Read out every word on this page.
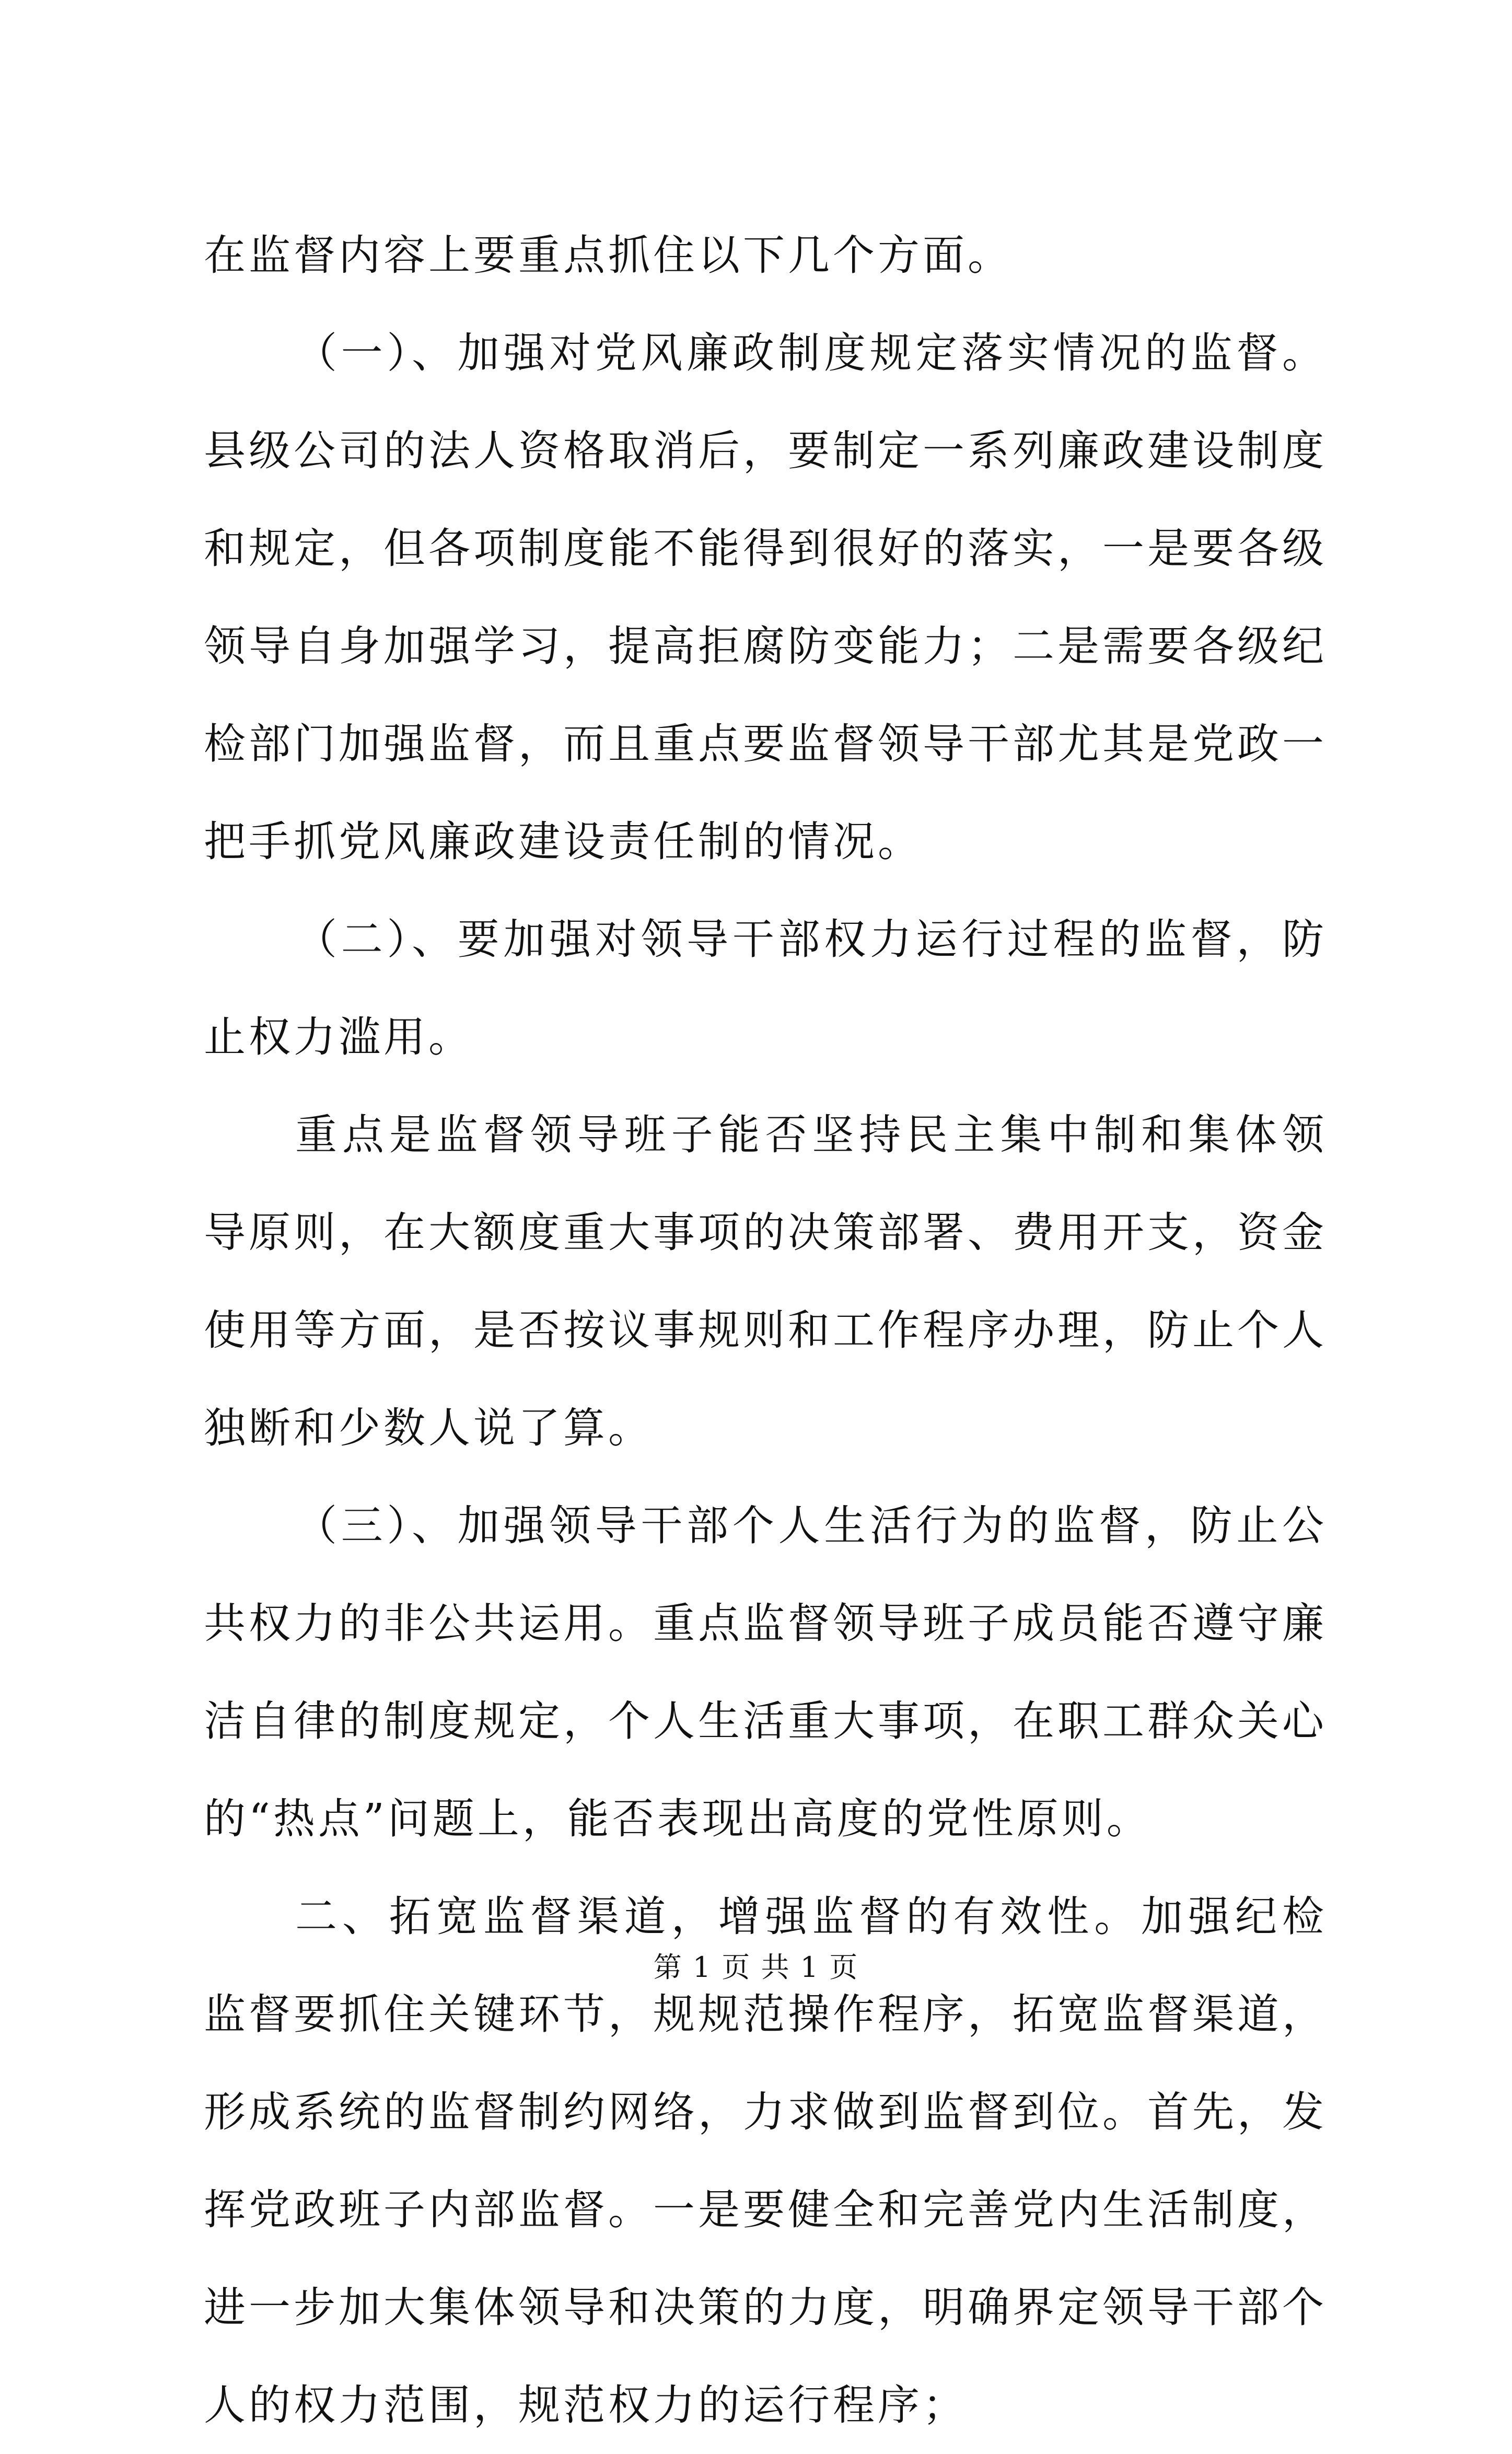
在监督内容上要重点抓住以下几个方面。

（一）、加强对党风廉政制度规定落实情况的监督。县级公司的法人资格取消后，要制定一系列廉政建设制度和规定，但各项制度能不能得到很好的落实，一是要各级领导自身加强学习，提高拒腐防变能力；二是需要各级纪检部门加强监督，而且重点要监督领导干部尤其是党政一把手抓党风廉政建设责任制的情况。

（二）、要加强对领导干部权力运行过程的监督，防止权力滥用。

重点是监督领导班子能否坚持民主集中制和集体领导原则，在大额度重大事项的决策部署、费用开支，资金使用等方面，是否按议事规则和工作程序办理，防止个人独断和少数人说了算。

（三）、加强领导干部个人生活行为的监督，防止公共权力的非公共运用。重点监督领导班子成员能否遵守廉洁自律的制度规定，个人生活重大事项，在职工群众关心的“热点”问题上，能否表现出高度的党性原则。

二、拓宽监督渠道，增强监督的有效性。加强纪检监督要抓住关键环节，规规范操作程序，拓宽监督渠道，形成系统的监督制约网络，力求做到监督到位。首先，发挥党政班子内部监督。一是要健全和完善党内生活制度，进一步加大集体领导和决策的力度，明确界定领导干部个人的权力范围，规范权力的运行程序；

第 1 页 共 1 页
